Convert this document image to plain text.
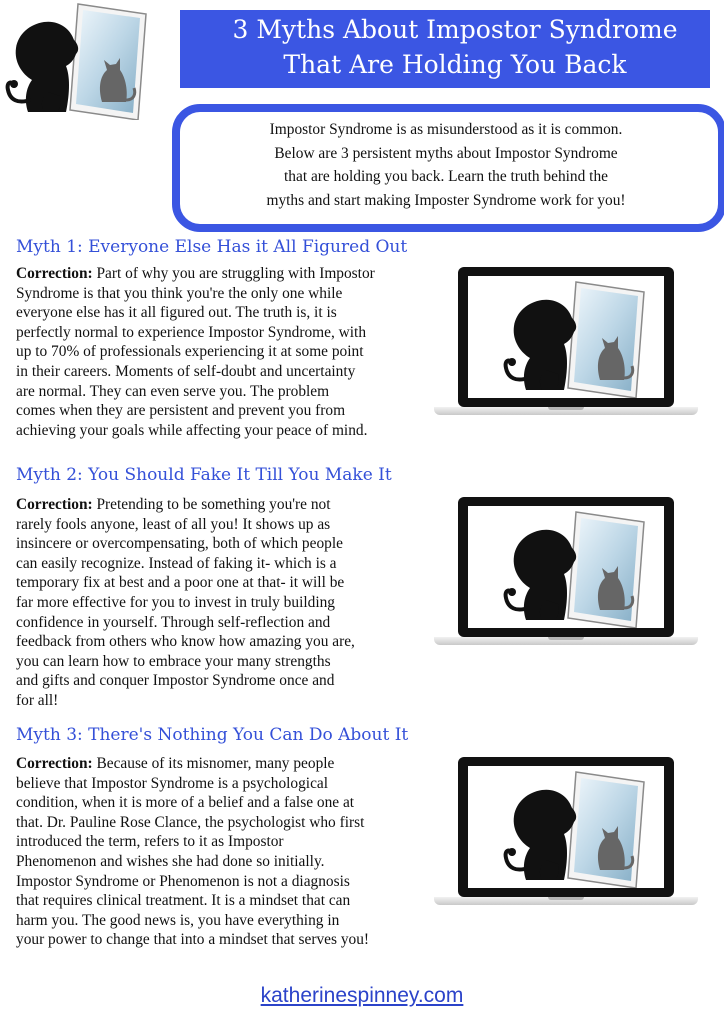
3 Myths About Impostor Syndrome
That Are Holding You Back

Impostor Syndrome is as misunderstood as it is common.
Below are 3 persistent myths about Impostor Syndrome
that are holding you back. Learn the truth behind the
myths and start making Imposter Syndrome work for you!

Myth 1: Everyone Else Has it All Figured Out

Correction: Part of why you are struggling with Impostor
Syndrome is that you think you're the only one while
everyone else has it all figured out. The truth is, it is
perfectly normal to experience Impostor Syndrome, with
up to 70% of professionals experiencing it at some point
in their careers. Moments of self-doubt and uncertainty
are normal. They can even serve you. The problem
comes when they are persistent and prevent you from
achieving your goals while affecting your peace of mind.

Myth 2: You Should Fake It Till You Make It

Correction: Pretending to be something you're not
rarely fools anyone, least of all you! It shows up as
insincere or overcompensating, both of which people
can easily recognize. Instead of faking it- which is a
temporary fix at best and a poor one at that- it will be
far more effective for you to invest in truly building
confidence in yourself. Through self-reflection and
feedback from others who know how amazing you are,
you can learn how to embrace your many strengths
and gifts and conquer Impostor Syndrome once and
for all!

Myth 3: There's Nothing You Can Do About It

Correction: Because of its misnomer, many people
believe that Impostor Syndrome is a psychological
condition, when it is more of a belief and a false one at
that. Dr. Pauline Rose Clance, the psychologist who first
introduced the term, refers to it as Impostor
Phenomenon and wishes she had done so initially.
Impostor Syndrome or Phenomenon is not a diagnosis
that requires clinical treatment. It is a mindset that can
harm you. The good news is, you have everything in
your power to change that into a mindset that serves you!

katherinespinney.com
